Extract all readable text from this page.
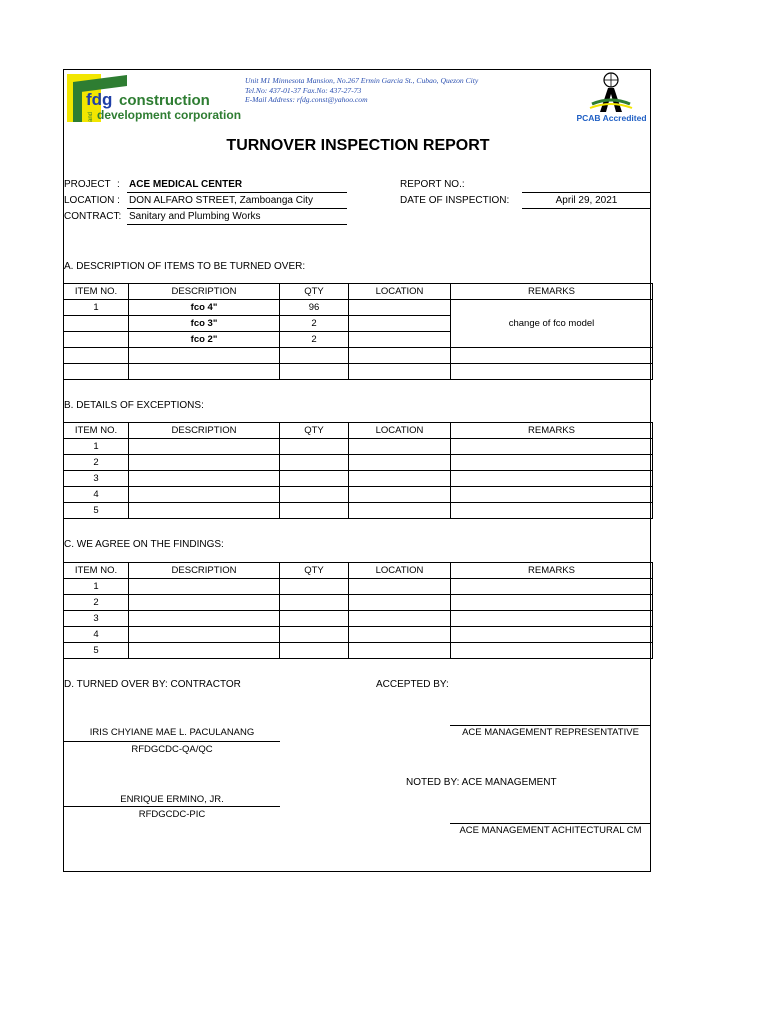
fdg construction
and development corporation
Unit M1 Minnesota Mansion, No.267 Ermin Garcia St., Cubao, Quezon City
Tel.No: 437-01-37 Fax.No: 437-27-73
E-Mail Address: rfdg.const@yahoo.com
PCAB Accredited
TURNOVER INSPECTION REPORT
PROJECT : ACE MEDICAL CENTER
LOCATION : DON ALFARO STREET, Zamboanga City
CONTRACT: Sanitary and Plumbing Works
REPORT NO.:
DATE OF INSPECTION:	April 29, 2021
A. DESCRIPTION OF ITEMS TO BE TURNED OVER:
ITEM NO.	DESCRIPTION	QTY	LOCATION	REMARKS
1	fco 4"	96		change of fco model
	fco 3"	2		
	fco 2"	2		

B. DETAILS OF EXCEPTIONS:
ITEM NO.	DESCRIPTION	QTY	LOCATION	REMARKS
1				
2				
3				
4				
5				
C. WE AGREE ON THE FINDINGS:
ITEM NO.	DESCRIPTION	QTY	LOCATION	REMARKS
1				
2				
3				
4				
5				
D. TURNED OVER BY: CONTRACTOR	ACCEPTED BY:
IRIS CHYIANE MAE L. PACULANANG
RFDGCDC-QA/QC
ACE MANAGEMENT REPRESENTATIVE
NOTED BY: ACE MANAGEMENT
ENRIQUE ERMINO, JR.
RFDGCDC-PIC
ACE MANAGEMENT ACHITECTURAL CM
